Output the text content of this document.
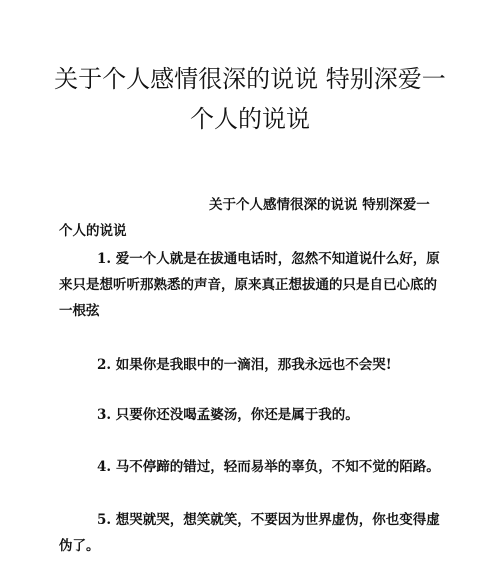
关于个人感情很深的说说 特别深爱一
个人的说说

关于个人感情很深的说说 特别深爱一

个人的说说

1. 爱一个人就是在拔通电话时，忽然不知道说什么好，原

来只是想听听那熟悉的声音，原来真正想拔通的只是自已心底的

一根弦

2. 如果你是我眼中的一滴泪，那我永远也不会哭!

3. 只要你还没喝孟婆汤，你还是属于我的。

4. 马不停蹄的错过，轻而易举的辜负，不知不觉的陌路。

5. 想哭就哭，想笑就笑，不要因为世界虚伪，你也变得虚

伪了。
